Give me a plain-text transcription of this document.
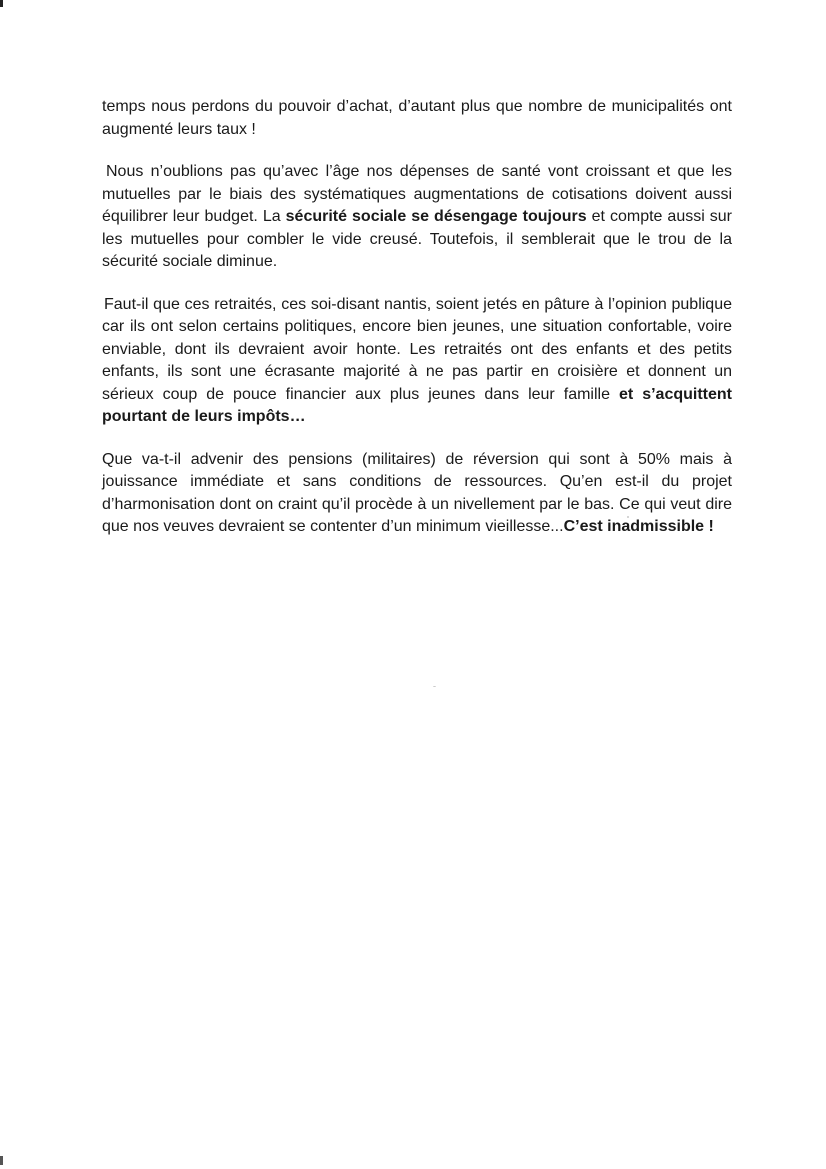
temps nous perdons du pouvoir d’achat, d’autant plus que nombre de municipalités ont augmenté leurs taux !

Nous n’oublions pas qu’avec l’âge nos dépenses de santé vont croissant et que les mutuelles par le biais des systématiques augmentations de cotisations doivent aussi équilibrer leur budget. La sécurité sociale se désengage toujours et compte aussi sur les mutuelles pour combler le vide creusé. Toutefois, il semblerait que le trou de la sécurité sociale diminue.

Faut-il que ces retraités, ces soi-disant nantis, soient jetés en pâture à l’opinion publique car ils ont selon certains politiques, encore bien jeunes, une situation confortable, voire enviable, dont ils devraient avoir honte. Les retraités ont des enfants et des petits enfants, ils sont une écrasante majorité à ne pas partir en croisière et donnent un sérieux coup de pouce financier aux plus jeunes dans leur famille et s’acquittent pourtant de leurs impôts…

Que va-t-il advenir des pensions (militaires) de réversion qui sont à 50% mais à jouissance immédiate et sans conditions de ressources. Qu’en est-il du projet d’harmonisation dont on craint qu’il procède à un nivellement par le bas. Ce qui veut dire que nos veuves devraient se contenter d’un minimum vieillesse...C’est inadmissible !
